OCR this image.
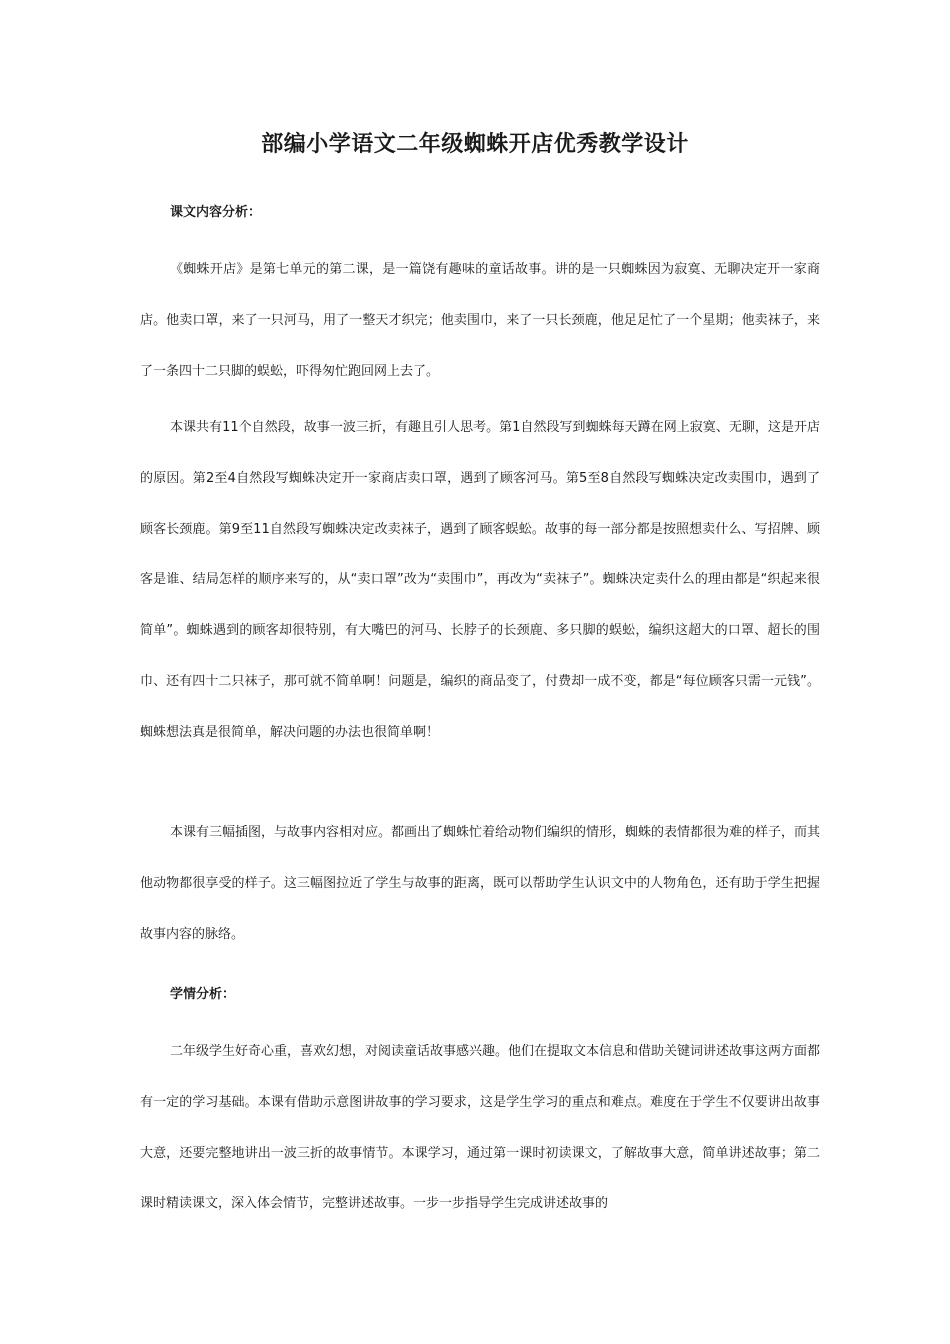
部编小学语文二年级蜘蛛开店优秀教学设计
课文内容分析：

《蜘蛛开店》是第七单元的第二课，是一篇饶有趣味的童话故事。讲的是一只蜘蛛因为寂寞、无聊决定开一家商店。他卖口罩，来了一只河马，用了一整天才织完；他卖围巾，来了一只长颈鹿，他足足忙了一个星期；他卖袜子，来了一条四十二只脚的蜈蚣，吓得匆忙跑回网上去了。

本课共有11个自然段，故事一波三折，有趣且引人思考。第1自然段写到蜘蛛每天蹲在网上寂寞、无聊，这是开店的原因。第2至4自然段写蜘蛛决定开一家商店卖口罩，遇到了顾客河马。第5至8自然段写蜘蛛决定改卖围巾，遇到了顾客长颈鹿。第9至11自然段写蜘蛛决定改卖袜子，遇到了顾客蜈蚣。故事的每一部分都是按照想卖什么、写招牌、顾客是谁、结局怎样的顺序来写的，从“卖口罩”改为“卖围巾”，再改为“卖袜子”。蜘蛛决定卖什么的理由都是“织起来很简单”。蜘蛛遇到的顾客却很特别，有大嘴巴的河马、长脖子的长颈鹿、多只脚的蜈蚣，编织这超大的口罩、超长的围巾、还有四十二只袜子，那可就不简单啊！问题是，编织的商品变了，付费却一成不变，都是“每位顾客只需一元钱”。蜘蛛想法真是很简单，解决问题的办法也很简单啊！

本课有三幅插图，与故事内容相对应。都画出了蜘蛛忙着给动物们编织的情形，蜘蛛的表情都很为难的样子，而其他动物都很享受的样子。这三幅图拉近了学生与故事的距离，既可以帮助学生认识文中的人物角色，还有助于学生把握故事内容的脉络。

学情分析：

二年级学生好奇心重，喜欢幻想，对阅读童话故事感兴趣。他们在提取文本信息和借助关键词讲述故事这两方面都有一定的学习基础。本课有借助示意图讲故事的学习要求，这是学生学习的重点和难点。难度在于学生不仅要讲出故事大意，还要完整地讲出一波三折的故事情节。本课学习，通过第一课时初读课文，了解故事大意，简单讲述故事；第二课时精读课文，深入体会情节，完整讲述故事。一步一步指导学生完成讲述故事的
